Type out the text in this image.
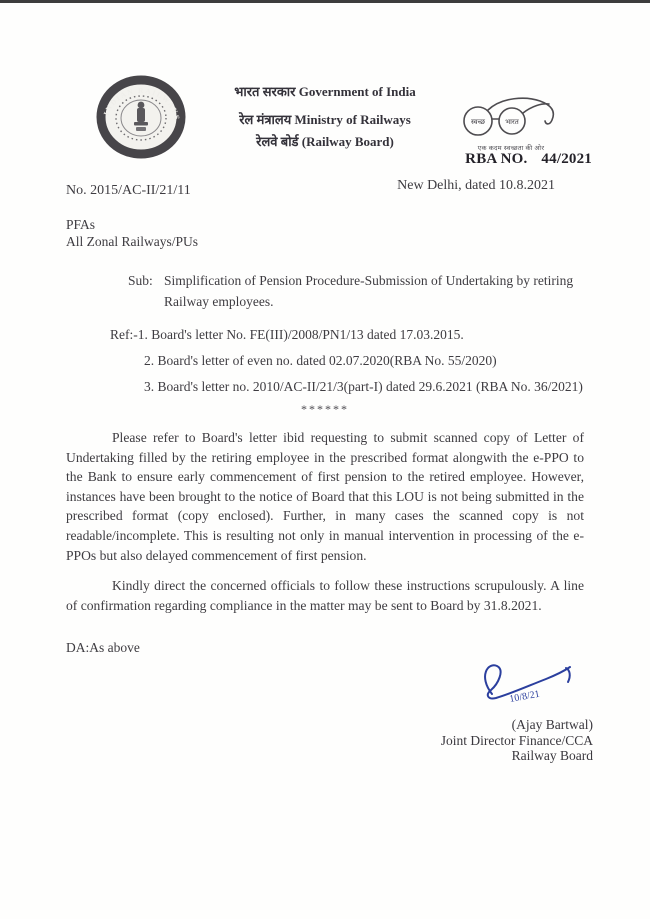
INDIAN RAILWAYS
भारत सरकार Government of India
रेल मंत्रालय Ministry of Railways
रेलवे बोर्ड (Railway Board)
स्वच्छ	भारत
एक कदम स्वच्छता की ओर
RBA NO. 44/2021
No. 2015/AC-II/21/11	New Delhi, dated 10.8.2021
PFAs
All Zonal Railways/PUs
Sub: Simplification of Pension Procedure-Submission of Undertaking by retiring Railway employees.
Ref:-1. Board's letter No. FE(III)/2008/PN1/13 dated 17.03.2015.
2. Board's letter of even no. dated 02.07.2020(RBA No. 55/2020)
3. Board's letter no. 2010/AC-II/21/3(part-I) dated 29.6.2021 (RBA No. 36/2021)
******

Please refer to Board's letter ibid requesting to submit scanned copy of Letter of Undertaking filled by the retiring employee in the prescribed format alongwith the e-PPO to the Bank to ensure early commencement of first pension to the retired employee. However, instances have been brought to the notice of Board that this LOU is not being submitted in the prescribed format (copy enclosed). Further, in many cases the scanned copy is not readable/incomplete. This is resulting not only in manual intervention in processing of the e-PPOs but also delayed commencement of first pension.

Kindly direct the concerned officials to follow these instructions scrupulously. A line of confirmation regarding compliance in the matter may be sent to Board by 31.8.2021.

DA:As above
10/8/21
(Ajay Bartwal)
Joint Director Finance/CCA
Railway Board
